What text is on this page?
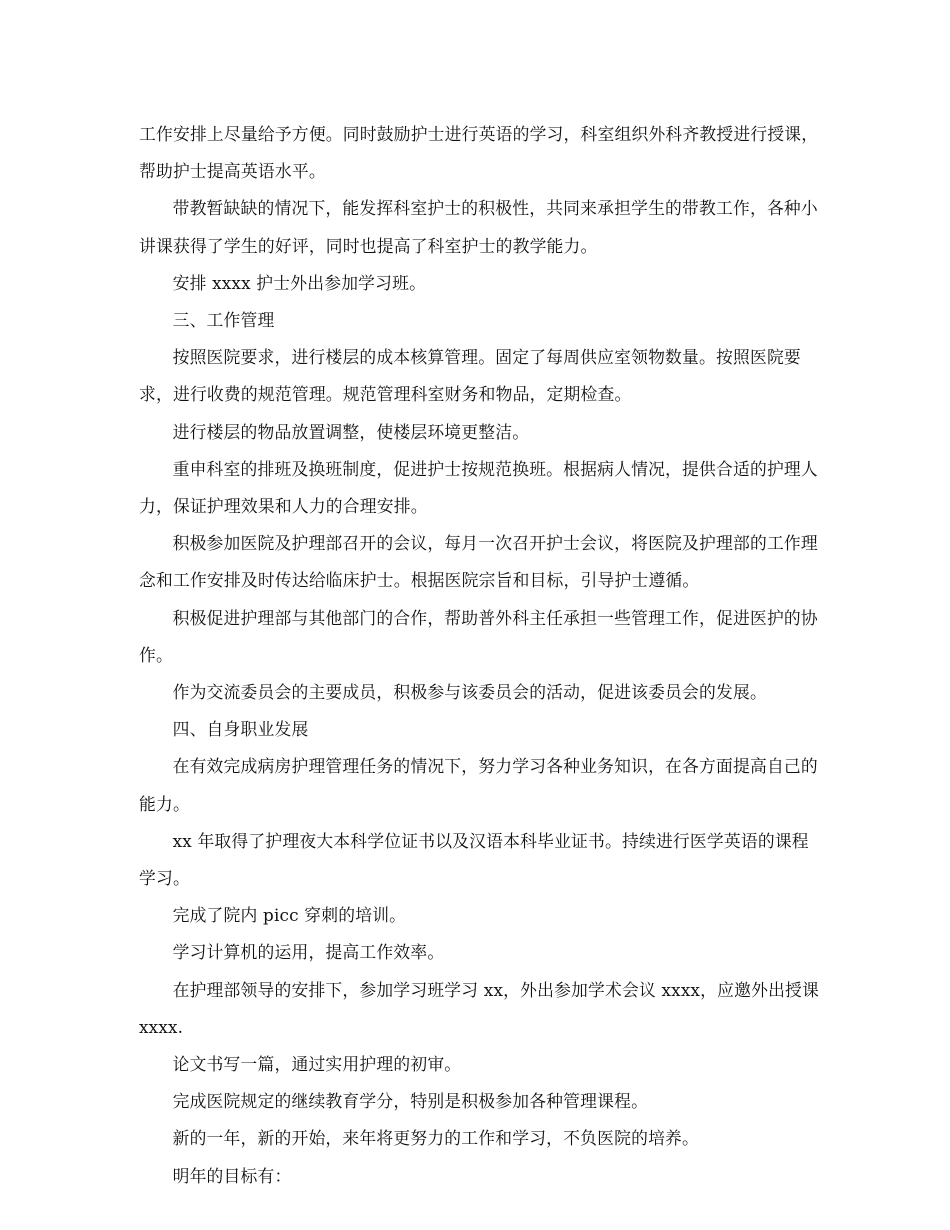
工作安排上尽量给予方便。同时鼓励护士进行英语的学习，科室组织外科齐教授进行授课，帮助护士提高英语水平。

带教暂缺缺的情况下，能发挥科室护士的积极性，共同来承担学生的带教工作，各种小讲课获得了学生的好评，同时也提高了科室护士的教学能力。

安排 xxxx 护士外出参加学习班。

三、工作管理

按照医院要求，进行楼层的成本核算管理。固定了每周供应室领物数量。按照医院要求，进行收费的规范管理。规范管理科室财务和物品，定期检查。

进行楼层的物品放置调整，使楼层环境更整洁。

重申科室的排班及换班制度，促进护士按规范换班。根据病人情况，提供合适的护理人力，保证护理效果和人力的合理安排。

积极参加医院及护理部召开的会议，每月一次召开护士会议，将医院及护理部的工作理念和工作安排及时传达给临床护士。根据医院宗旨和目标，引导护士遵循。

积极促进护理部与其他部门的合作，帮助普外科主任承担一些管理工作，促进医护的协作。

作为交流委员会的主要成员，积极参与该委员会的活动，促进该委员会的发展。

四、自身职业发展

在有效完成病房护理管理任务的情况下，努力学习各种业务知识，在各方面提高自己的能力。

xx 年取得了护理夜大本科学位证书以及汉语本科毕业证书。持续进行医学英语的课程学习。

完成了院内 picc 穿刺的培训。

学习计算机的运用，提高工作效率。

在护理部领导的安排下，参加学习班学习 xx，外出参加学术会议 xxxx，应邀外出授课 xxxx.

论文书写一篇，通过实用护理的初审。

完成医院规定的继续教育学分，特别是积极参加各种管理课程。

新的一年，新的开始，来年将更努力的工作和学习，不负医院的培养。

明年的目标有：
